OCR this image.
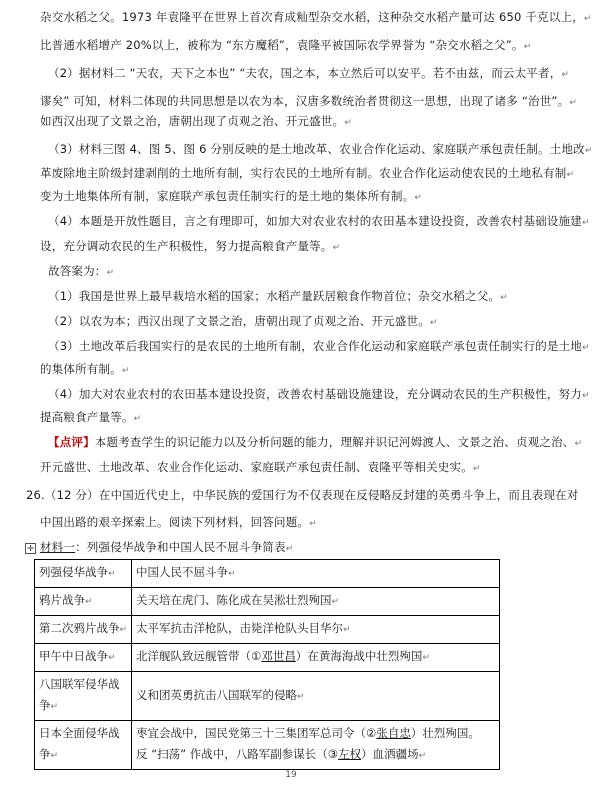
杂交水稻之父。1973 年袁隆平在世界上首次育成籼型杂交水稻，这种杂交水稻产量可达 650 千克以上，↵
比普通水稻增产 20%以上，被称为 “东方魔稻”，袁隆平被国际农学界誉为 “杂交水稻之父”。↵
（2）据材料二 “天农，天下之本也” “夫农，国之本，本立然后可以安平。若不由兹，而云太平者，↵
谬矣” 可知，材料二体现的共同思想是以农为本，汉唐多数统治者贯彻这一思想，出现了诸多 “治世”。↵
如西汉出现了文景之治，唐朝出现了贞观之治、开元盛世。↵
（3）材料三图 4、图 5、图 6 分别反映的是土地改革、农业合作化运动、家庭联产承包责任制。土地改↵
革废除地主阶级封建剥削的土地所有制，实行农民的土地所有制。农业合作化运动使农民的土地私有制↵
变为土地集体所有制，家庭联产承包责任制实行的是土地的集体所有制。↵
（4）本题是开放性题目，言之有理即可，如加大对农业农村的农田基本建设投资，改善农村基础设施建↵
设，充分调动农民的生产积极性，努力提高粮食产量等。↵
故答案为：↵
（1）我国是世界上最早栽培水稻的国家；水稻产量跃居粮食作物首位；杂交水稻之父。↵
（2）以农为本；西汉出现了文景之治，唐朝出现了贞观之治、开元盛世。↵
（3）土地改革后我国实行的是农民的土地所有制，农业合作化运动和家庭联产承包责任制实行的是土地↵
的集体所有制。↵
（4）加大对农业农村的农田基本建设投资，改善农村基础设施建设，充分调动农民的生产积极性，努力↵
提高粮食产量等。↵
【点评】本题考查学生的识记能力以及分析问题的能力，理解并识记河姆渡人、文景之治、贞观之治、↵
开元盛世、土地改革、农业合作化运动、家庭联产承包责任制、袁隆平等相关史实。↵
26.（12 分）在中国近代史上，中华民族的爱国行为不仅表现在反侵略反封建的英勇斗争上，而且表现在对
中国出路的艰辛探索上。阅读下列材料，回答问题。↵
✛ 材料一：列强侵华战争和中国人民不屈斗争简表↵
列强侵华战争↵	中国人民不屈斗争↵
鸦片战争↵	关天培在虎门、陈化成在吴淞壮烈殉国↵
第二次鸦片战争↵	太平军抗击洋枪队，击毙洋枪队头目华尔↵
甲午中日战争↵	北洋舰队致远舰管带（①邓世昌）在黄海海战中壮烈殉国↵
八国联军侵华战
争↵	义和团英勇抗击八国联军的侵略↵
日本全面侵华战
争↵	枣宜会战中，国民党第三十三集团军总司令（②张自忠）壮烈殉国。
反 “扫荡” 作战中，八路军副参谋长（③左权）血洒疆场↵
19
